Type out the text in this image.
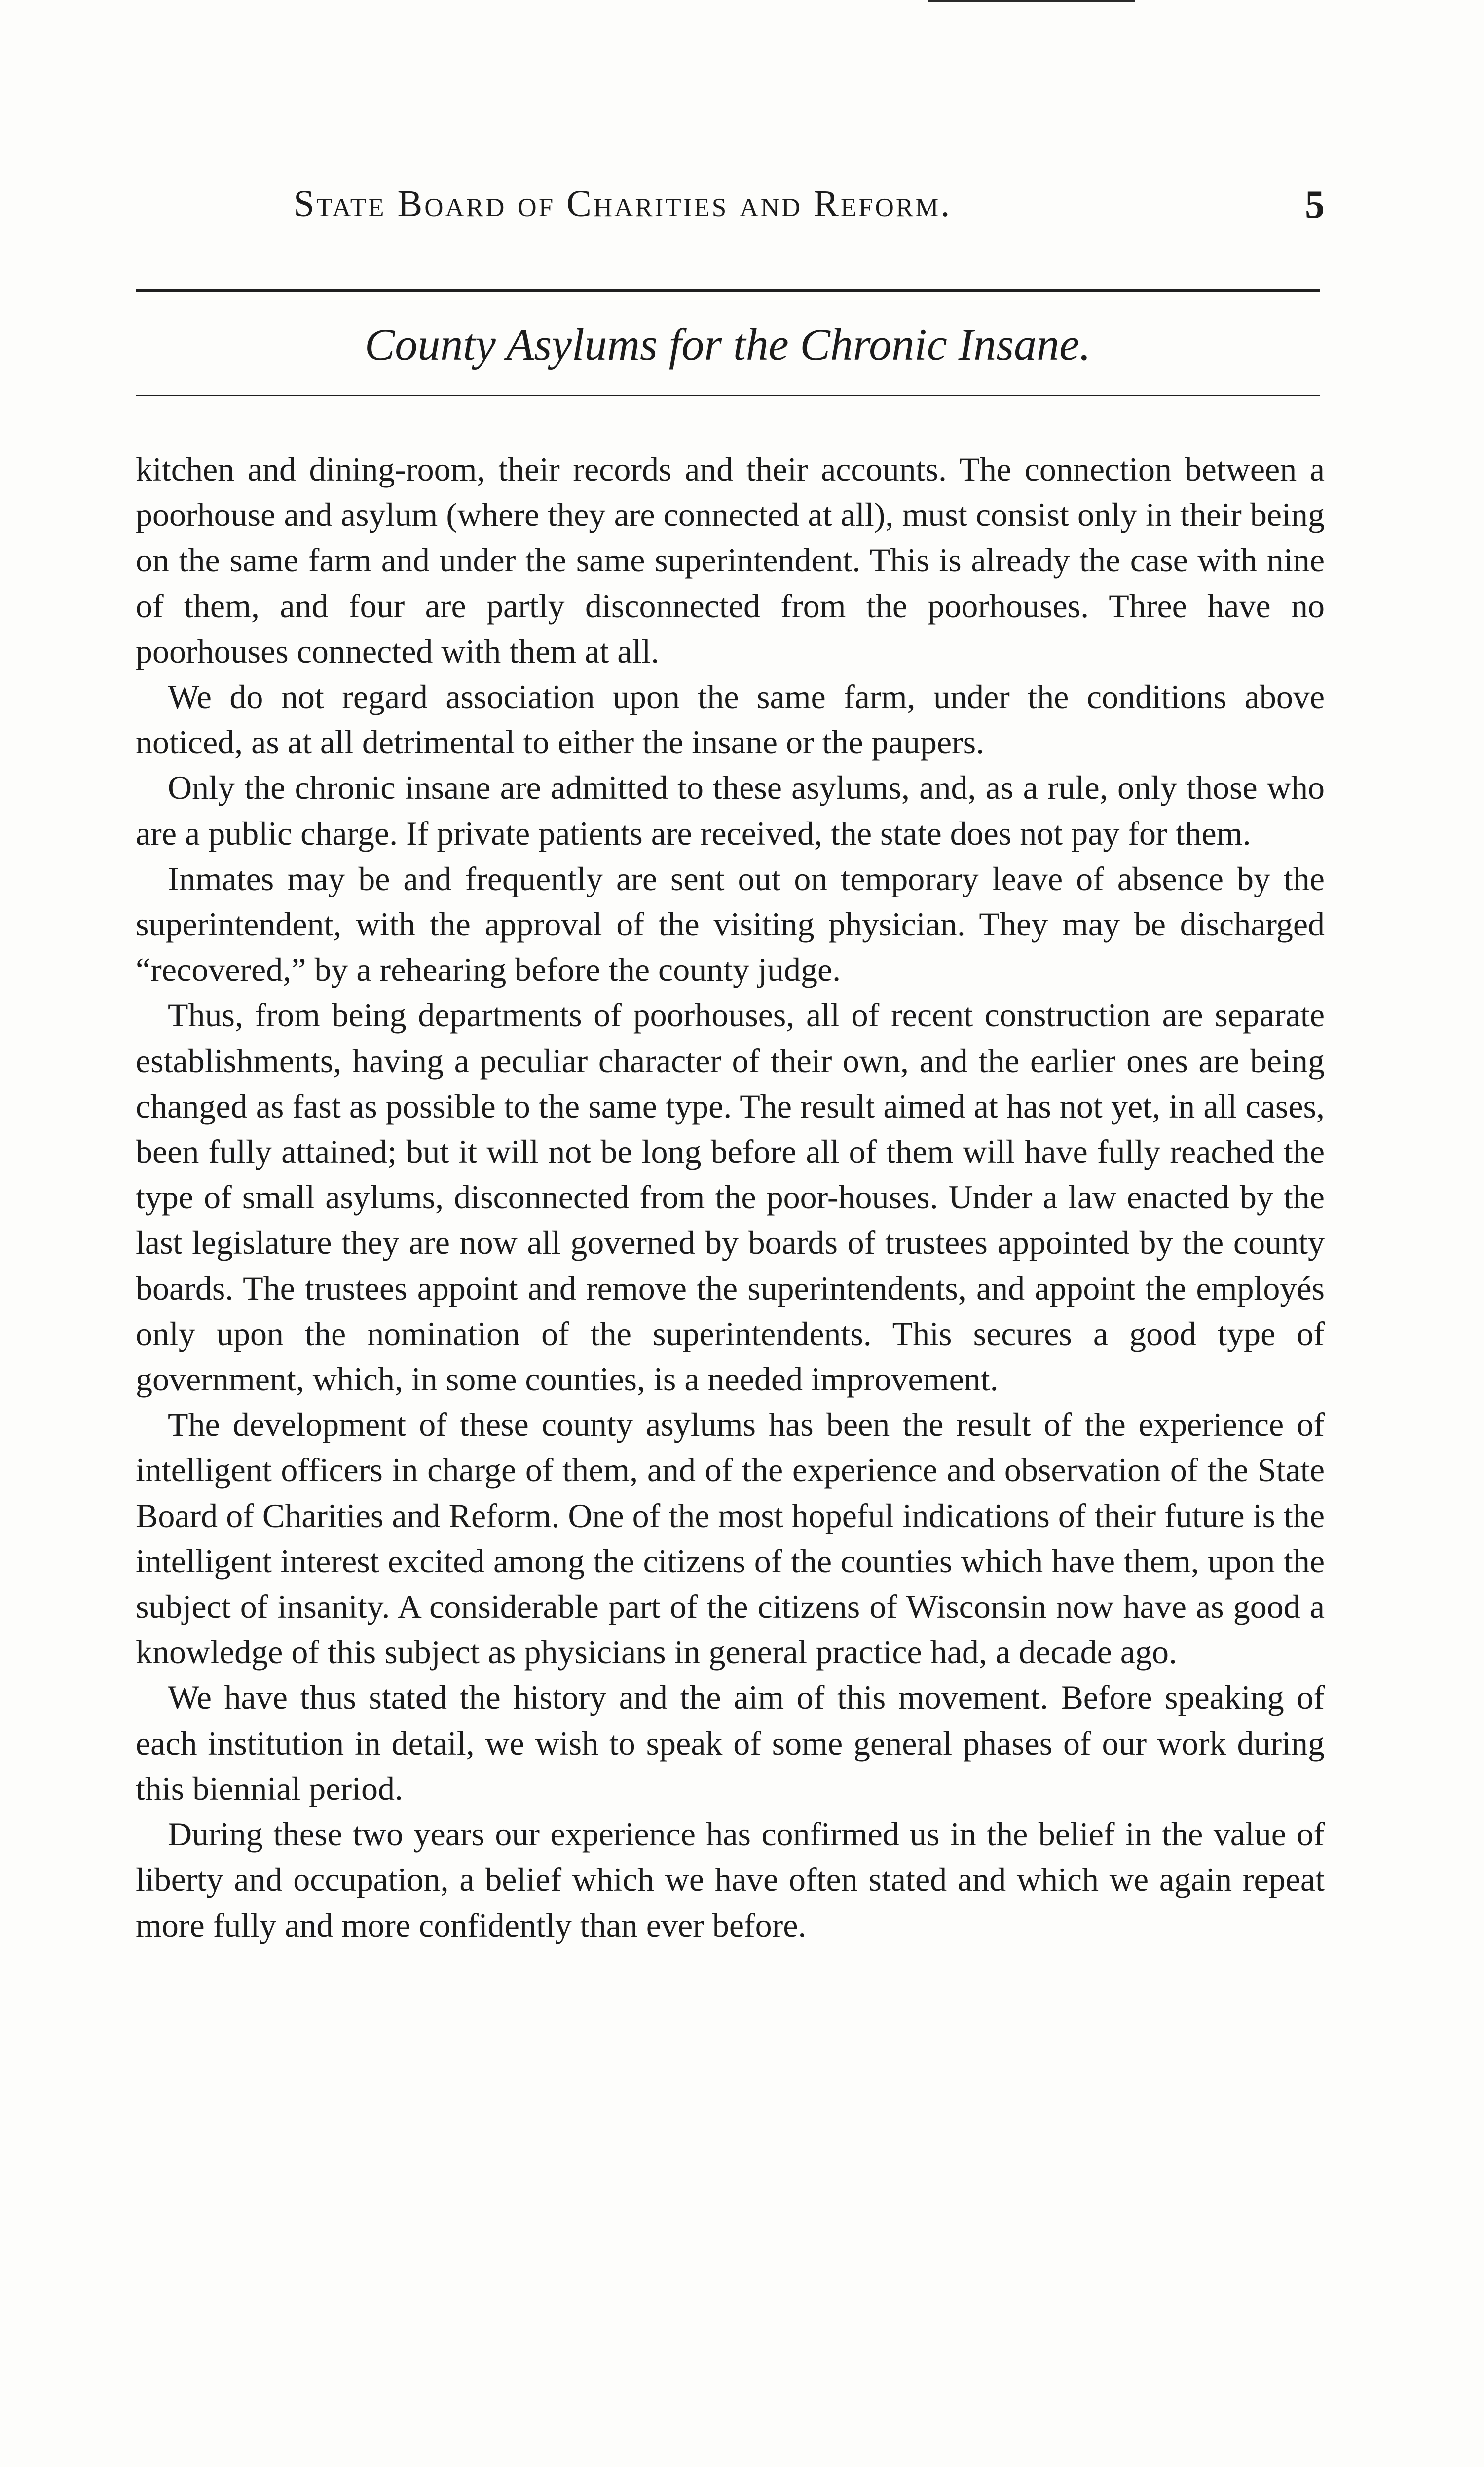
State Board of Charities and Reform.	5
County Asylums for the Chronic Insane.

kitchen and dining-room, their records and their accounts. The connection between a poorhouse and asylum (where they are connected at all), must consist only in their being on the same farm and under the same superintendent. This is already the case with nine of them, and four are partly disconnected from the poorhouses. Three have no poorhouses connected with them at all.

We do not regard association upon the same farm, under the conditions above noticed, as at all detrimental to either the insane or the paupers.

Only the chronic insane are admitted to these asylums, and, as a rule, only those who are a public charge. If private patients are received, the state does not pay for them.

Inmates may be and frequently are sent out on temporary leave of absence by the superintendent, with the approval of the visiting physician. They may be discharged “recovered,” by a rehearing before the county judge.

Thus, from being departments of poorhouses, all of recent construction are separate establishments, having a peculiar character of their own, and the earlier ones are being changed as fast as possible to the same type. The result aimed at has not yet, in all cases, been fully attained; but it will not be long before all of them will have fully reached the type of small asylums, disconnected from the poor-houses. Under a law enacted by the last legislature they are now all governed by boards of trustees appointed by the county boards. The trustees appoint and remove the superintendents, and appoint the employés only upon the nomination of the superintendents. This secures a good type of government, which, in some counties, is a needed improvement.

The development of these county asylums has been the result of the experience of intelligent officers in charge of them, and of the experience and observation of the State Board of Charities and Reform. One of the most hopeful indications of their future is the intelligent interest excited among the citizens of the counties which have them, upon the subject of insanity. A considerable part of the citizens of Wisconsin now have as good a knowledge of this subject as physicians in general practice had, a decade ago.

We have thus stated the history and the aim of this movement. Before speaking of each institution in detail, we wish to speak of some general phases of our work during this biennial period.

During these two years our experience has confirmed us in the belief in the value of liberty and occupation, a belief which we have often stated and which we again repeat more fully and more confidently than ever before.
